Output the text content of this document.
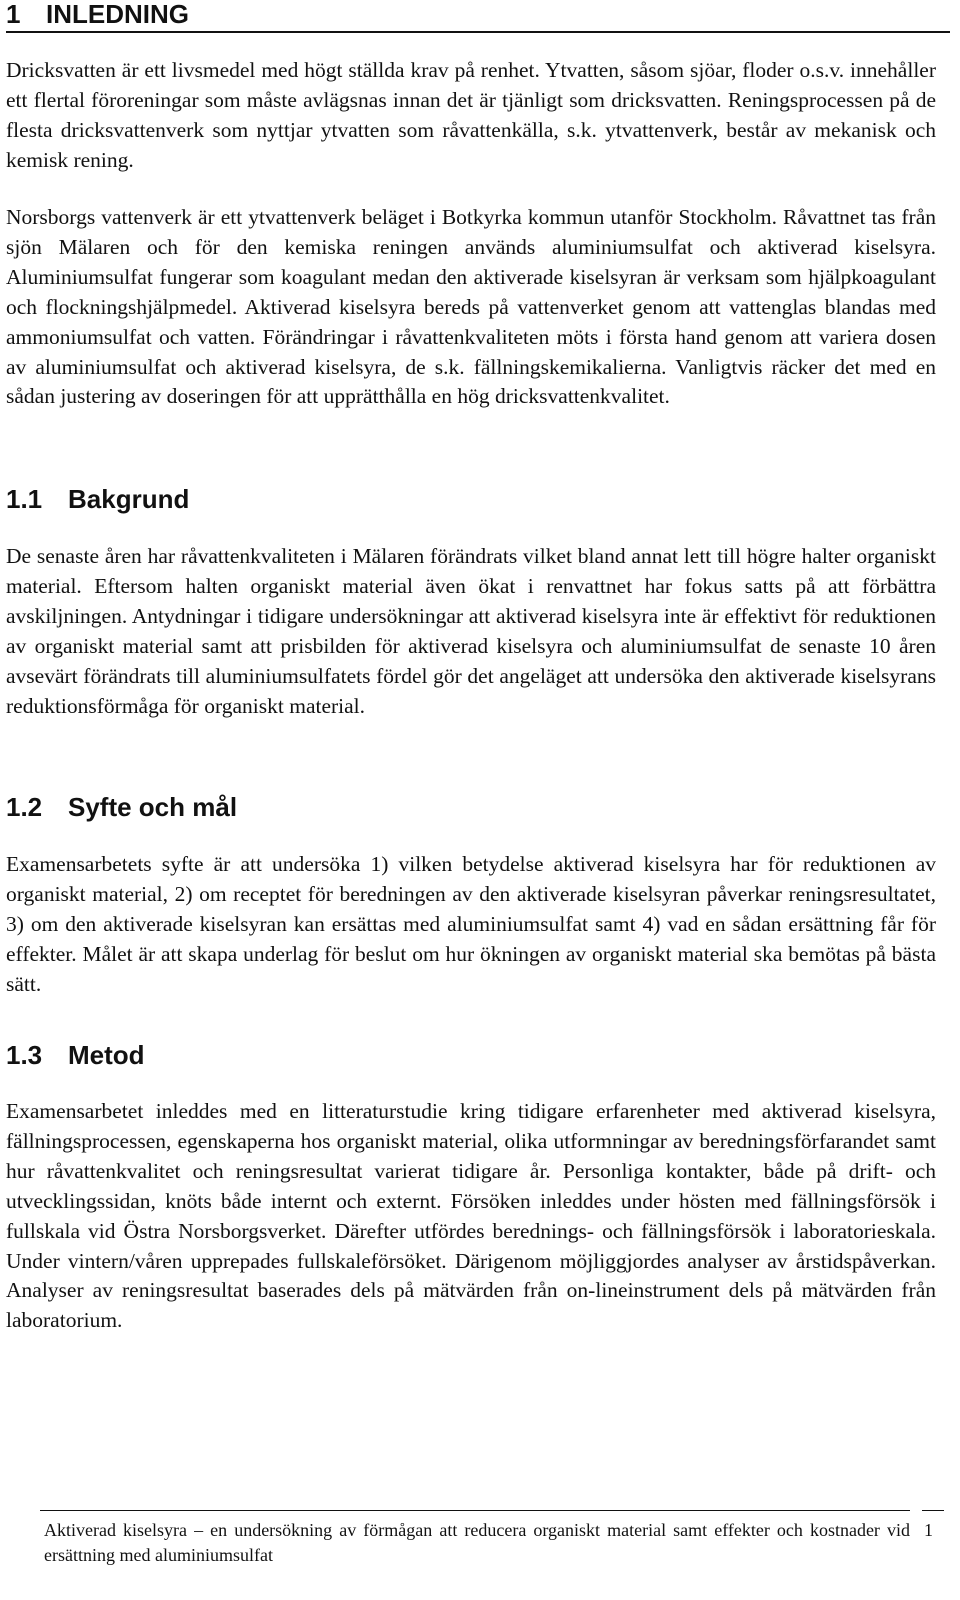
1 INLEDNING

Dricksvatten är ett livsmedel med högt ställda krav på renhet. Ytvatten, såsom sjöar, floder o.s.v. innehåller ett flertal föroreningar som måste avlägsnas innan det är tjänligt som dricksvatten. Reningsprocessen på de flesta dricksvattenverk som nyttjar ytvatten som råvattenkälla, s.k. ytvattenverk, består av mekanisk och kemisk rening.

Norsborgs vattenverk är ett ytvattenverk beläget i Botkyrka kommun utanför Stockholm. Råvattnet tas från sjön Mälaren och för den kemiska reningen används aluminiumsulfat och aktiverad kiselsyra. Aluminiumsulfat fungerar som koagulant medan den aktiverade kiselsyran är verksam som hjälpkoagulant och flockningshjälpmedel. Aktiverad kiselsyra bereds på vattenverket genom att vattenglas blandas med ammoniumsulfat och vatten. Förändringar i råvattenkvaliteten möts i första hand genom att variera dosen av aluminiumsulfat och aktiverad kiselsyra, de s.k. fällningskemikalierna. Vanligtvis räcker det med en sådan justering av doseringen för att upprätthålla en hög dricksvattenkvalitet.

1.1 Bakgrund

De senaste åren har råvattenkvaliteten i Mälaren förändrats vilket bland annat lett till högre halter organiskt material. Eftersom halten organiskt material även ökat i renvattnet har fokus satts på att förbättra avskiljningen. Antydningar i tidigare undersökningar att aktiverad kiselsyra inte är effektivt för reduktionen av organiskt material samt att prisbilden för aktiverad kiselsyra och aluminiumsulfat de senaste 10 åren avsevärt förändrats till aluminiumsulfatets fördel gör det angeläget att undersöka den aktiverade kiselsyrans reduktionsförmåga för organiskt material.

1.2 Syfte och mål

Examensarbetets syfte är att undersöka 1) vilken betydelse aktiverad kiselsyra har för reduktionen av organiskt material, 2) om receptet för beredningen av den aktiverade kiselsyran påverkar reningsresultatet, 3) om den aktiverade kiselsyran kan ersättas med aluminiumsulfat samt 4) vad en sådan ersättning får för effekter. Målet är att skapa underlag för beslut om hur ökningen av organiskt material ska bemötas på bästa sätt.

1.3 Metod

Examensarbetet inleddes med en litteraturstudie kring tidigare erfarenheter med aktiverad kiselsyra, fällningsprocessen, egenskaperna hos organiskt material, olika utformningar av beredningsförfarandet samt hur råvattenkvalitet och reningsresultat varierat tidigare år. Personliga kontakter, både på drift- och utvecklingssidan, knöts både internt och externt. Försöken inleddes under hösten med fällningsförsök i fullskala vid Östra Norsborgsverket. Därefter utfördes berednings- och fällningsförsök i laboratorieskala. Under vintern/våren upprepades fullskaleförsöket. Därigenom möjliggjordes analyser av årstidspåverkan. Analyser av reningsresultat baserades dels på mätvärden från on-lineinstrument dels på mätvärden från laboratorium.

Aktiverad kiselsyra – en undersökning av förmågan att reducera organiskt material samt effekter och kostnader vid ersättning med aluminiumsulfat

1
